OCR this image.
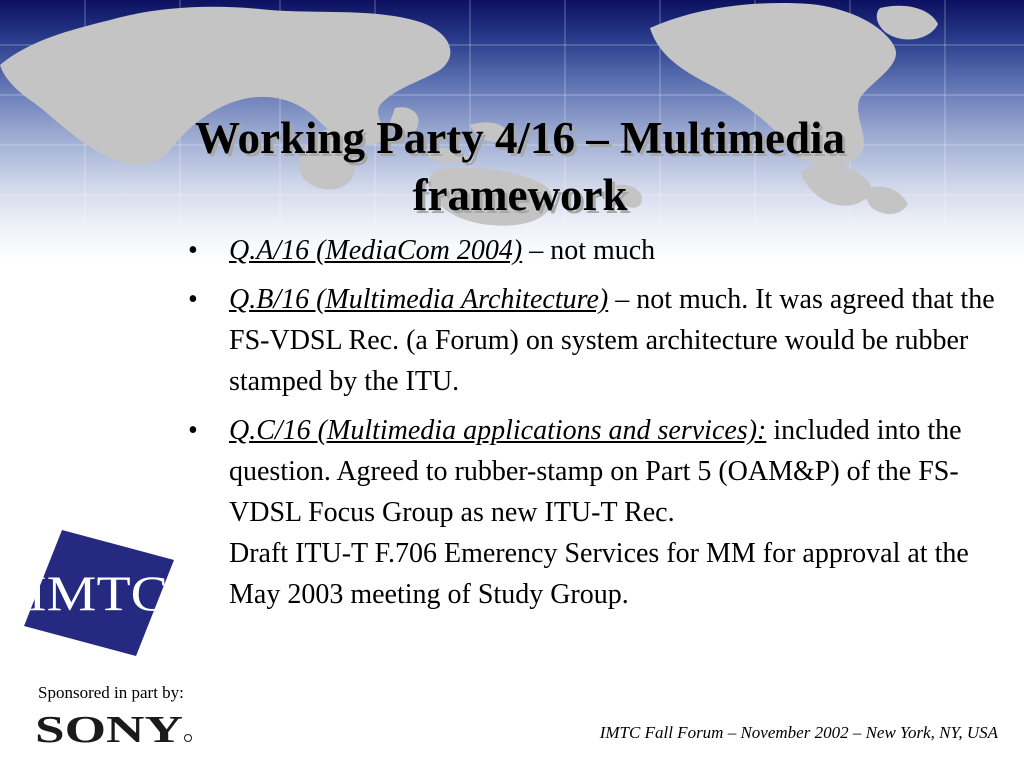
Working Party 4/16 – Multimedia framework
• Q.A/16 (MediaCom 2004) – not much
• Q.B/16 (Multimedia Architecture) – not much. It was agreed that the FS-VDSL Rec. (a Forum) on system architecture would be rubber stamped by the ITU.
• Q.C/16 (Multimedia applications and services): included into the question. Agreed to rubber-stamp on Part 5 (OAM&P) of the FS-VDSL Focus Group as new ITU-T Rec.
Draft ITU-T F.706 Emerency Services for MM for approval at the May 2003 meeting of Study Group.
IMTC

Sponsored in part by:

SONY	IMTC Fall Forum – November 2002 – New York, NY, USA
